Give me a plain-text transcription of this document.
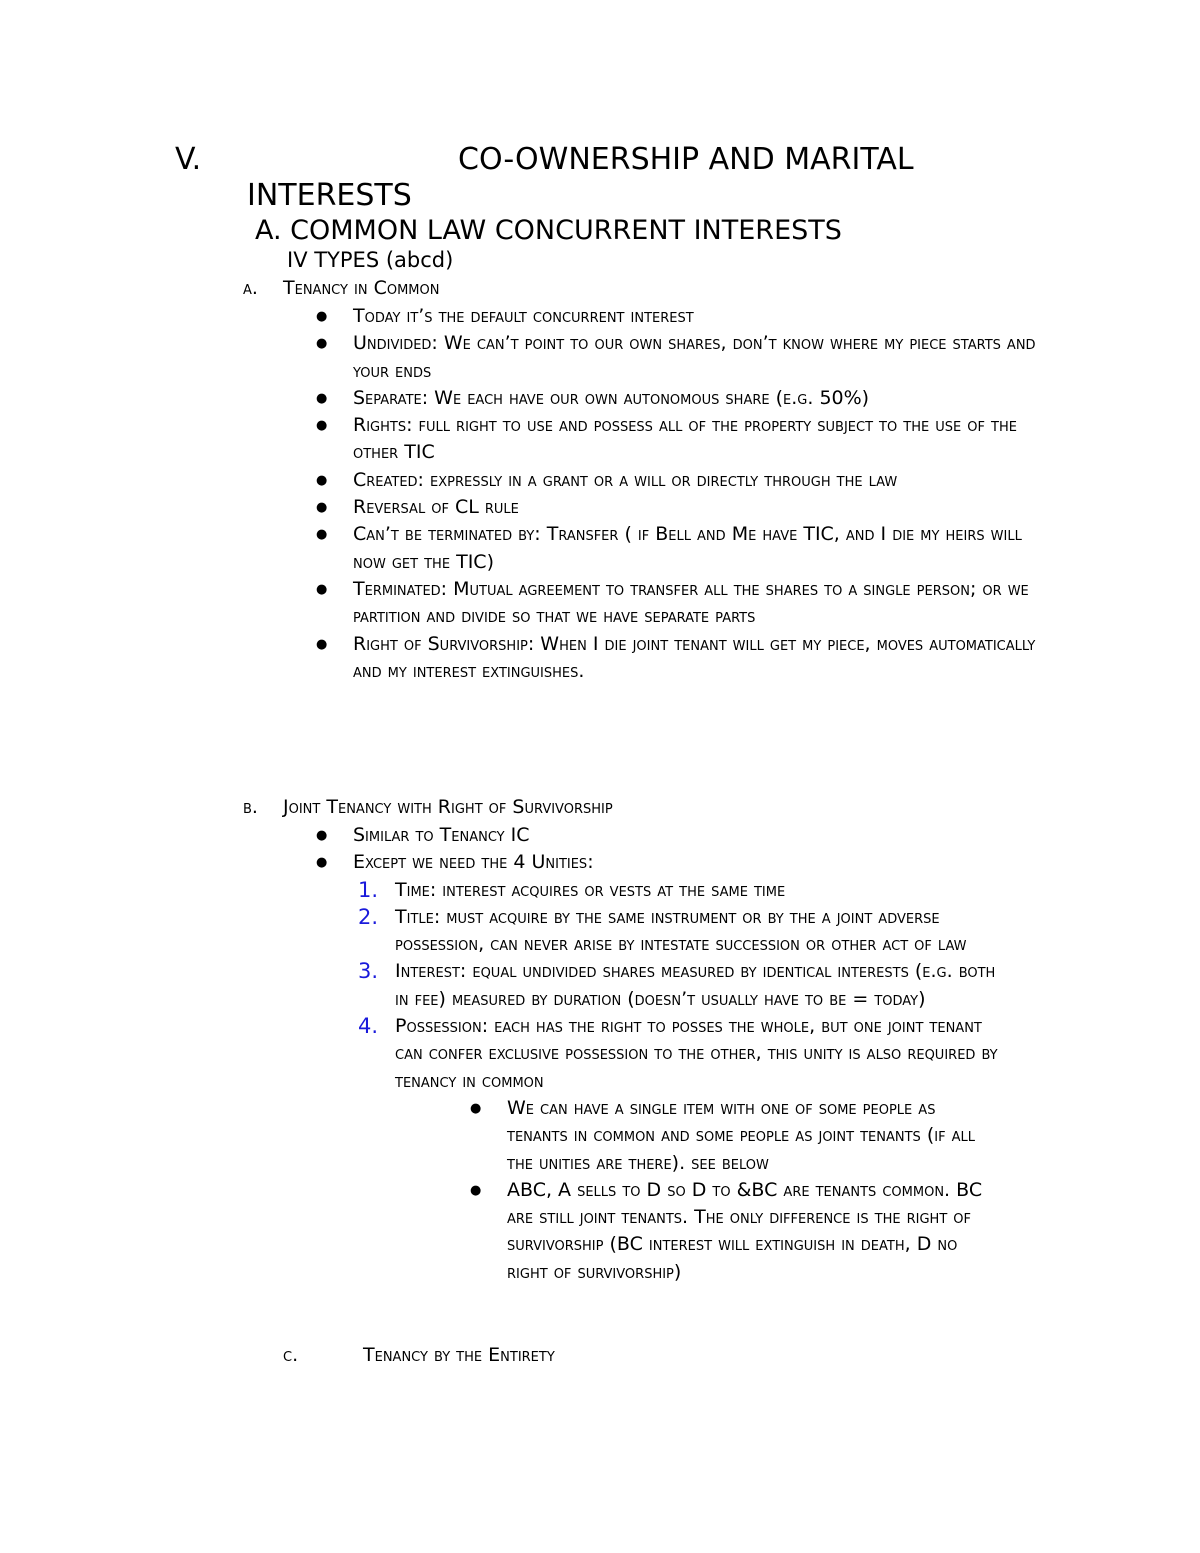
V.	CO-OWNERSHIP AND MARITAL
INTERESTS
A. COMMON LAW CONCURRENT INTERESTS
IV TYPES (abcd)
a. Tenancy in Common
● Today it’s the default concurrent interest
● Undivided: We can’t point to our own shares, don’t know where my piece starts and your ends
● Separate: We each have our own autonomous share (e.g. 50%)
● Rights: full right to use and possess all of the property subject to the use of the other TIC
● Created: expressly in a grant or a will or directly through the law
● Reversal of CL rule
● Can’t be terminated by: Transfer ( if Bell and Me have TIC, and I die my heirs will now get the TIC)
● Terminated: Mutual agreement to transfer all the shares to a single person; or we partition and divide so that we have separate parts
● Right of Survivorship: When I die joint tenant will get my piece, moves automatically and my interest extinguishes.
b. Joint Tenancy with Right of Survivorship
● Similar to Tenancy IC
● Except we need the 4 Unities:
1. Time: interest acquires or vests at the same time
2. Title: must acquire by the same instrument or by the a joint adverse possession, can never arise by intestate succession or other act of law
3. Interest: equal undivided shares measured by identical interests (e.g. both in fee) measured by duration (doesn’t usually have to be = today)
4. Possession: each has the right to posses the whole, but one joint tenant can confer exclusive possession to the other, this unity is also required by tenancy in common
● We can have a single item with one of some people as tenants in common and some people as joint tenants (if all the unities are there). see below
● ABC, A sells to D so D to &BC are tenants common. BC are still joint tenants. The only difference is the right of survivorship (BC interest will extinguish in death, D no right of survivorship)
c.	Tenancy by the Entirety
